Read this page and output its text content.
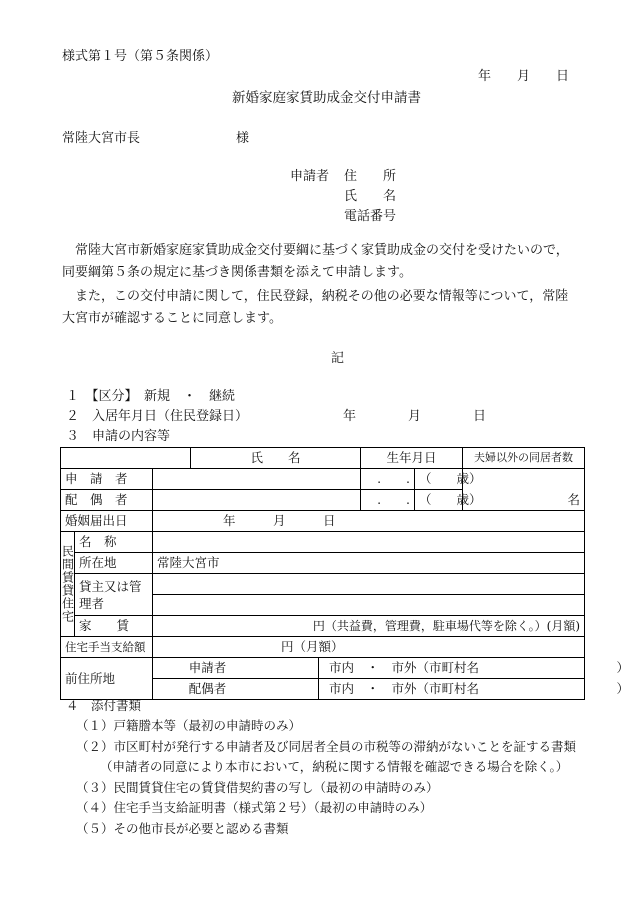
様式第１号（第５条関係）
年　　月　　日
新婚家庭家賃助成金交付申請書
常陸大宮市長	様
申請者 住　　所
氏　　名
電話番号
常陸大宮市新婚家庭家賃助成金交付要綱に基づく家賃助成金の交付を受けたいので，
同要綱第５条の規定に基づき関係書類を添えて申請します。
また，この交付申請に関して，住民登録，納税その他の必要な情報等について，常陸
大宮市が確認することに同意します。
記
１　【区分】　新規　・　継続
２　入居年月日（住民登録日）	年　　　　月　　　　日
３　申請の内容等
			氏　　名		生年月日		夫婦以外の同居者数
申　請　者					.　　.	（　　歳）	名
配　偶　者					.　　.	（　　歳）	
婚姻届出日		年　　　月　　　日					
民間賃貸住宅	名　称						
	所在地	常陸大宮市					
	貸主又は管理者						

	家　　賃	円（共益費，管理費，駐車場代等を除く。）(月額)					
住宅手当支給額		円（月額）					
前住所地		申請者		市内　・　市外（市町村名　　　　　　　　　　　）			
		配偶者		市内　・　市外（市町村名　　　　　　　　　　　）			
４　添付書類
（１）戸籍謄本等（最初の申請時のみ）
（２）市区町村が発行する申請者及び同居者全員の市税等の滞納がないことを証する書類
（申請者の同意により本市において，納税に関する情報を確認できる場合を除く。）
（３）民間賃貸住宅の賃貸借契約書の写し（最初の申請時のみ）
（４）住宅手当支給証明書（様式第２号）（最初の申請時のみ）
（５）その他市長が必要と認める書類
